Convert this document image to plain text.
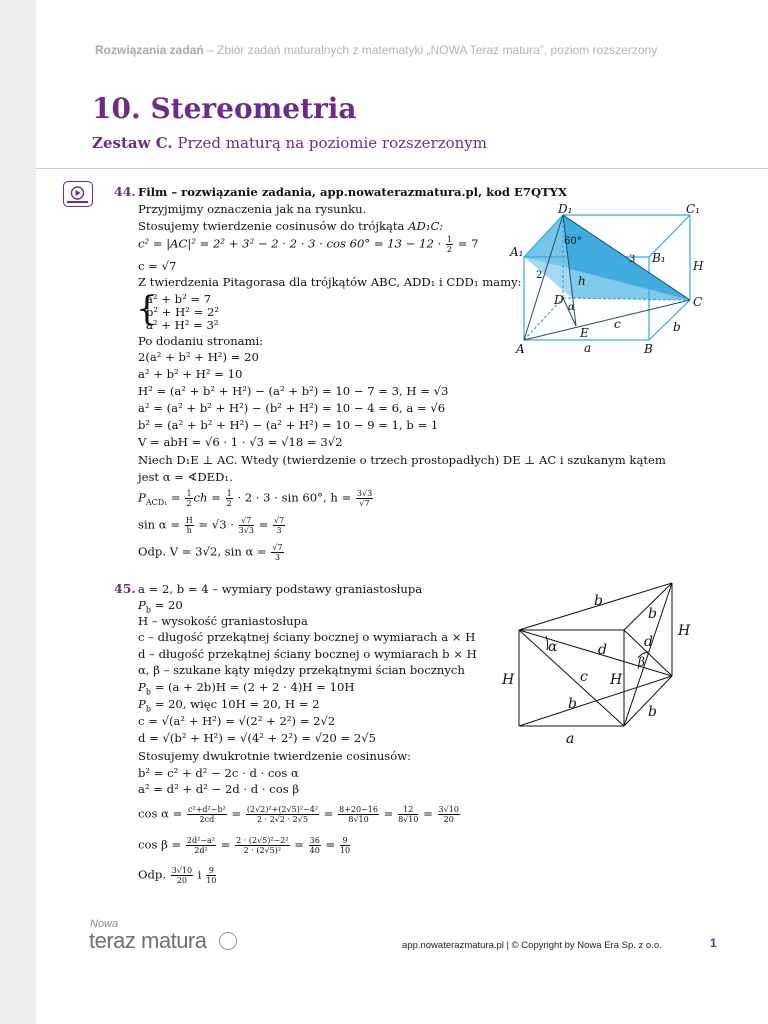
Rozwiązania zadań – Zbiór zadań maturalnych z matematyki „NOWA Teraz matura”, poziom rozszerzony
10. Stereometria
Zestaw C. Przed maturą na poziomie rozszerzonym
44. Film – rozwiązanie zadania, app.nowaterazmatura.pl, kod E7QTYX
Przyjmijmy oznaczenia jak na rysunku.
Stosujemy twierdzenie cosinusów do trójkąta AD₁C:
$c^2 = |AC|^2 = 2^2 + 3^2 - 2 \cdot 2 \cdot 3 \cdot \cos 60^\circ = 13 - 12 \cdot \frac{1}{2} = 7$
c = √7
Z twierdzenia Pitagorasa dla trójkątów ABC, ADD₁ i CDD₁ mamy:
{
a² + b² = 7
b² + H² = 2²
a² + H² = 3²
Po dodaniu stronami:
2(a² + b² + H²) = 20
a² + b² + H² = 10
H² = (a² + b² + H²) − (a² + b²) = 10 − 7 = 3, H = √3
a² = (a² + b² + H²) − (b² + H²) = 10 − 4 = 6, a = √6
b² = (a² + b² + H²) − (a² + H²) = 10 − 9 = 1, b = 1
V = abH = √6 · 1 · √3 = √18 = 3√2
Niech D₁E ⊥ AC. Wtedy (twierdzenie o trzech prostopadłych) DE ⊥ AC i szukanym kątem
jest α = ∢DED₁.
$P_{ACD_1} = \frac{1}{2}$ ch = $\frac{1}{2} \cdot 2 \cdot 3 \cdot \sin 60^\circ$, $h = \frac{3√3}{√7}$
$\sin \alpha = \frac{H}{h} = √3 \cdot \frac{√7}{3√3} = \frac{√7}{3}$
Odp. V = 3√2, $\sin \alpha = \frac{√7}{3}$
D₁	C₁
A₁	B₁
A	B
C
D
E
H
h
2
3
60°
a
b
c
α
45. a = 2, b = 4 – wymiary podstawy graniastosłupa
$P_b = 20$
H – wysokość graniastosłupa
c – długość przekątnej ściany bocznej o wymiarach a × H
d – długość przekątnej ściany bocznej o wymiarach b × H
α, β – szukane kąty między przekątnymi ścian bocznych
$P_b = (a + 2b)H = (2 + 2 \cdot 4)H = 10H$
$P_b = 20$, więc 10H = 20, H = 2
c = √(a² + H²) = √(2² + 2²) = 2√2
d = √(b² + H²) = √(4² + 2²) = √20 = 2√5
Stosujemy dwukrotnie twierdzenie cosinusów:
b² = c² + d² − 2c · d · cos α
a² = d² + d² − 2d · d · cos β
$\cos \alpha = \frac{\text{c²+d²−b²}}{2cd} = \frac{\text{(2√2)²+(2√5)²−4²}}{2 \cdot 2√2 \cdot 2√5} = \frac{8+20-16}{8√10} = \frac{12}{8√10} = \frac{3√10}{20}$
$\cos \beta = \frac{\text{2d²−a²}}{\text{2d²}} = \frac{\text{2 · (2√5)²−2²}}{\text{2 · (2√5)²}} = \frac{36}{40} = \frac{9}{10}$
Odp. $\frac{3√10}{20}$ i $\frac{9}{10}$
b
b
b	b
H
H	H
d	d
c
a
α
β
Nowa
teraz matura	app.nowaterazmatura.pl | © Copyright by Nowa Era Sp. z o.o.	1
